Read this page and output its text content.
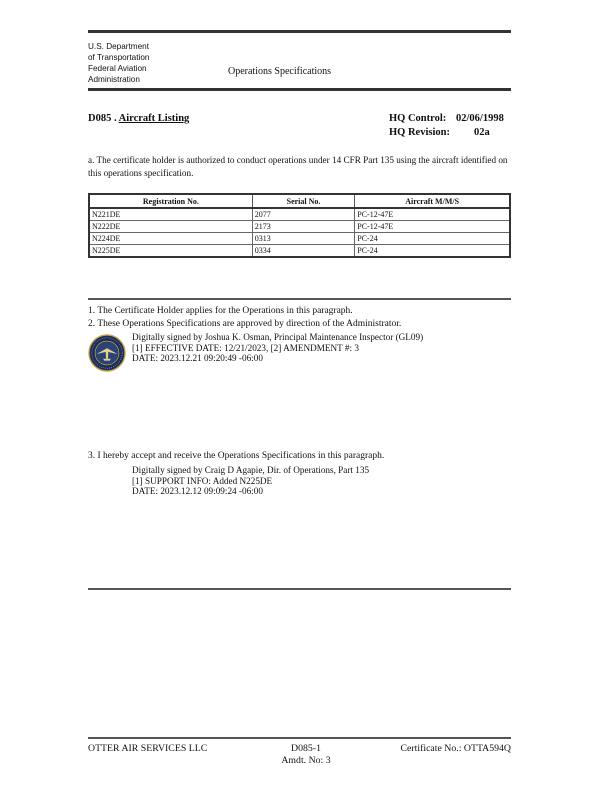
U.S. Department
of Transportation
Federal Aviation
Administration
Operations Specifications
D085 . Aircraft Listing	HQ Control: 02/06/1998
HQ Revision: 02a
a. The certificate holder is authorized to conduct operations under 14 CFR Part 135 using the aircraft identified on this operations specification.
Registration No.	Serial No.	Aircraft M/M/S
N221DE	2077	PC-12-47E
N222DE	2173	PC-12-47E
N224DE	0313	PC-24
N225DE	0334	PC-24
1. The Certificate Holder applies for the Operations in this paragraph.
2. These Operations Specifications are approved by direction of the Administrator.
Digitally signed by Joshua K. Osman, Principal Maintenance Inspector (GL09)
[1] EFFECTIVE DATE: 12/21/2023, [2] AMENDMENT #: 3
DATE: 2023.12.21 09:20:49 -06:00
3. I hereby accept and receive the Operations Specifications in this paragraph.
Digitally signed by Craig D Agapie, Dir. of Operations, Part 135
[1] SUPPORT INFO: Added N225DE
DATE: 2023.12.12 09:09:24 -06:00
OTTER AIR SERVICES LLC	D085-1
Amdt. No: 3
Certificate No.: OTTA594Q
